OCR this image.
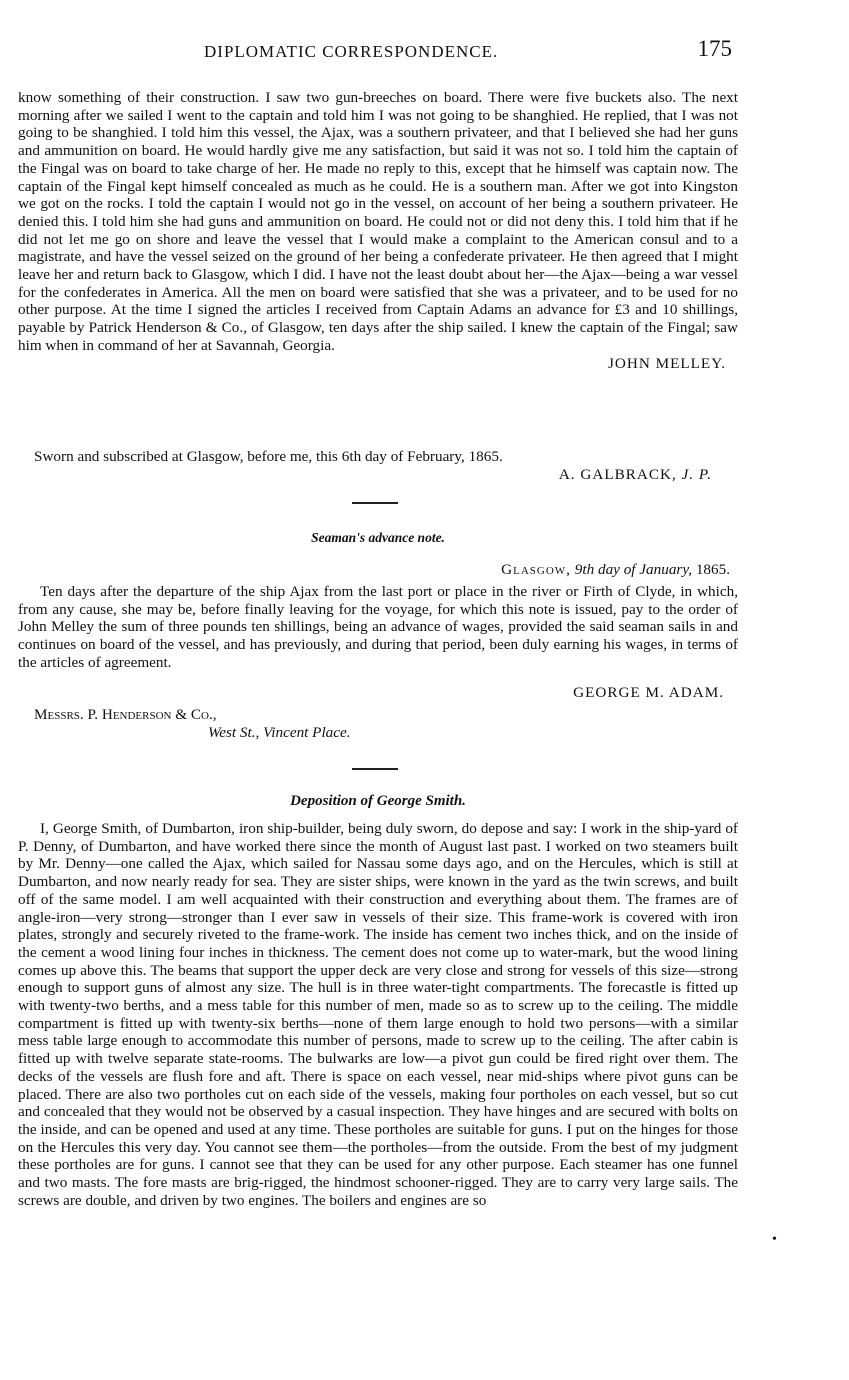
DIPLOMATIC CORRESPONDENCE.	175

know something of their construction. I saw two gun-breeches on board. There were five buckets also. The next morning after we sailed I went to the captain and told him I was not going to be shanghied. He replied, that I was not going to be shanghied. I told him this vessel, the Ajax, was a southern privateer, and that I believed she had her guns and ammunition on board. He would hardly give me any satisfaction, but said it was not so. I told him the captain of the Fingal was on board to take charge of her. He made no reply to this, except that he himself was captain now. The captain of the Fingal kept himself concealed as much as he could. He is a southern man. After we got into Kingston we got on the rocks. I told the captain I would not go in the vessel, on account of her being a southern privateer. He denied this. I told him she had guns and ammunition on board. He could not or did not deny this. I told him that if he did not let me go on shore and leave the vessel that I would make a complaint to the American consul and to a magistrate, and have the vessel seized on the ground of her being a confederate privateer. He then agreed that I might leave her and return back to Glasgow, which I did. I have not the least doubt about her—the Ajax—being a war vessel for the confederates in America. All the men on board were satisfied that she was a privateer, and to be used for no other purpose. At the time I signed the articles I received from Captain Adams an advance for £3 and 10 shillings, payable by Patrick Henderson & Co., of Glasgow, ten days after the ship sailed. I knew the captain of the Fingal; saw him when in command of her at Savannah, Georgia.

JOHN MELLEY.
Sworn and subscribed at Glasgow, before me, this 6th day of February, 1865.
A. GALBRACK, J. P.
Seaman's advance note.
Glasgow, 9th day of January, 1865.

Ten days after the departure of the ship Ajax from the last port or place in the river or Firth of Clyde, in which, from any cause, she may be, before finally leaving for the voyage, for which this note is issued, pay to the order of John Melley the sum of three pounds ten shillings, being an advance of wages, provided the said seaman sails in and continues on board of the vessel, and has previously, and during that period, been duly earning his wages, in terms of the articles of agreement.

GEORGE M. ADAM.
Messrs. P. Henderson & Co.,
West St., Vincent Place.
Deposition of George Smith.

I, George Smith, of Dumbarton, iron ship-builder, being duly sworn, do depose and say: I work in the ship-yard of P. Denny, of Dumbarton, and have worked there since the month of August last past. I worked on two steamers built by Mr. Denny—one called the Ajax, which sailed for Nassau some days ago, and on the Hercules, which is still at Dumbarton, and now nearly ready for sea. They are sister ships, were known in the yard as the twin screws, and built off of the same model. I am well acquainted with their construction and everything about them. The frames are of angle-iron—very strong—stronger than I ever saw in vessels of their size. This frame-work is covered with iron plates, strongly and securely riveted to the frame-work. The inside has cement two inches thick, and on the inside of the cement a wood lining four inches in thickness. The cement does not come up to water-mark, but the wood lining comes up above this. The beams that support the upper deck are very close and strong for vessels of this size—strong enough to support guns of almost any size. The hull is in three water-tight compartments. The forecastle is fitted up with twenty-two berths, and a mess table for this number of men, made so as to screw up to the ceiling. The middle compartment is fitted up with twenty-six berths—none of them large enough to hold two persons—with a similar mess table large enough to accommodate this number of persons, made to screw up to the ceiling. The after cabin is fitted up with twelve separate state-rooms. The bulwarks are low—a pivot gun could be fired right over them. The decks of the vessels are flush fore and aft. There is space on each vessel, near mid-ships where pivot guns can be placed. There are also two portholes cut on each side of the vessels, making four portholes on each vessel, but so cut and concealed that they would not be observed by a casual inspection. They have hinges and are secured with bolts on the inside, and can be opened and used at any time. These portholes are suitable for guns. I put on the hinges for those on the Hercules this very day. You cannot see them—the portholes—from the outside. From the best of my judgment these portholes are for guns. I cannot see that they can be used for any other purpose. Each steamer has one funnel and two masts. The fore masts are brig-rigged, the hindmost schooner-rigged. They are to carry very large sails. The screws are double, and driven by two engines. The boilers and engines are so

•
